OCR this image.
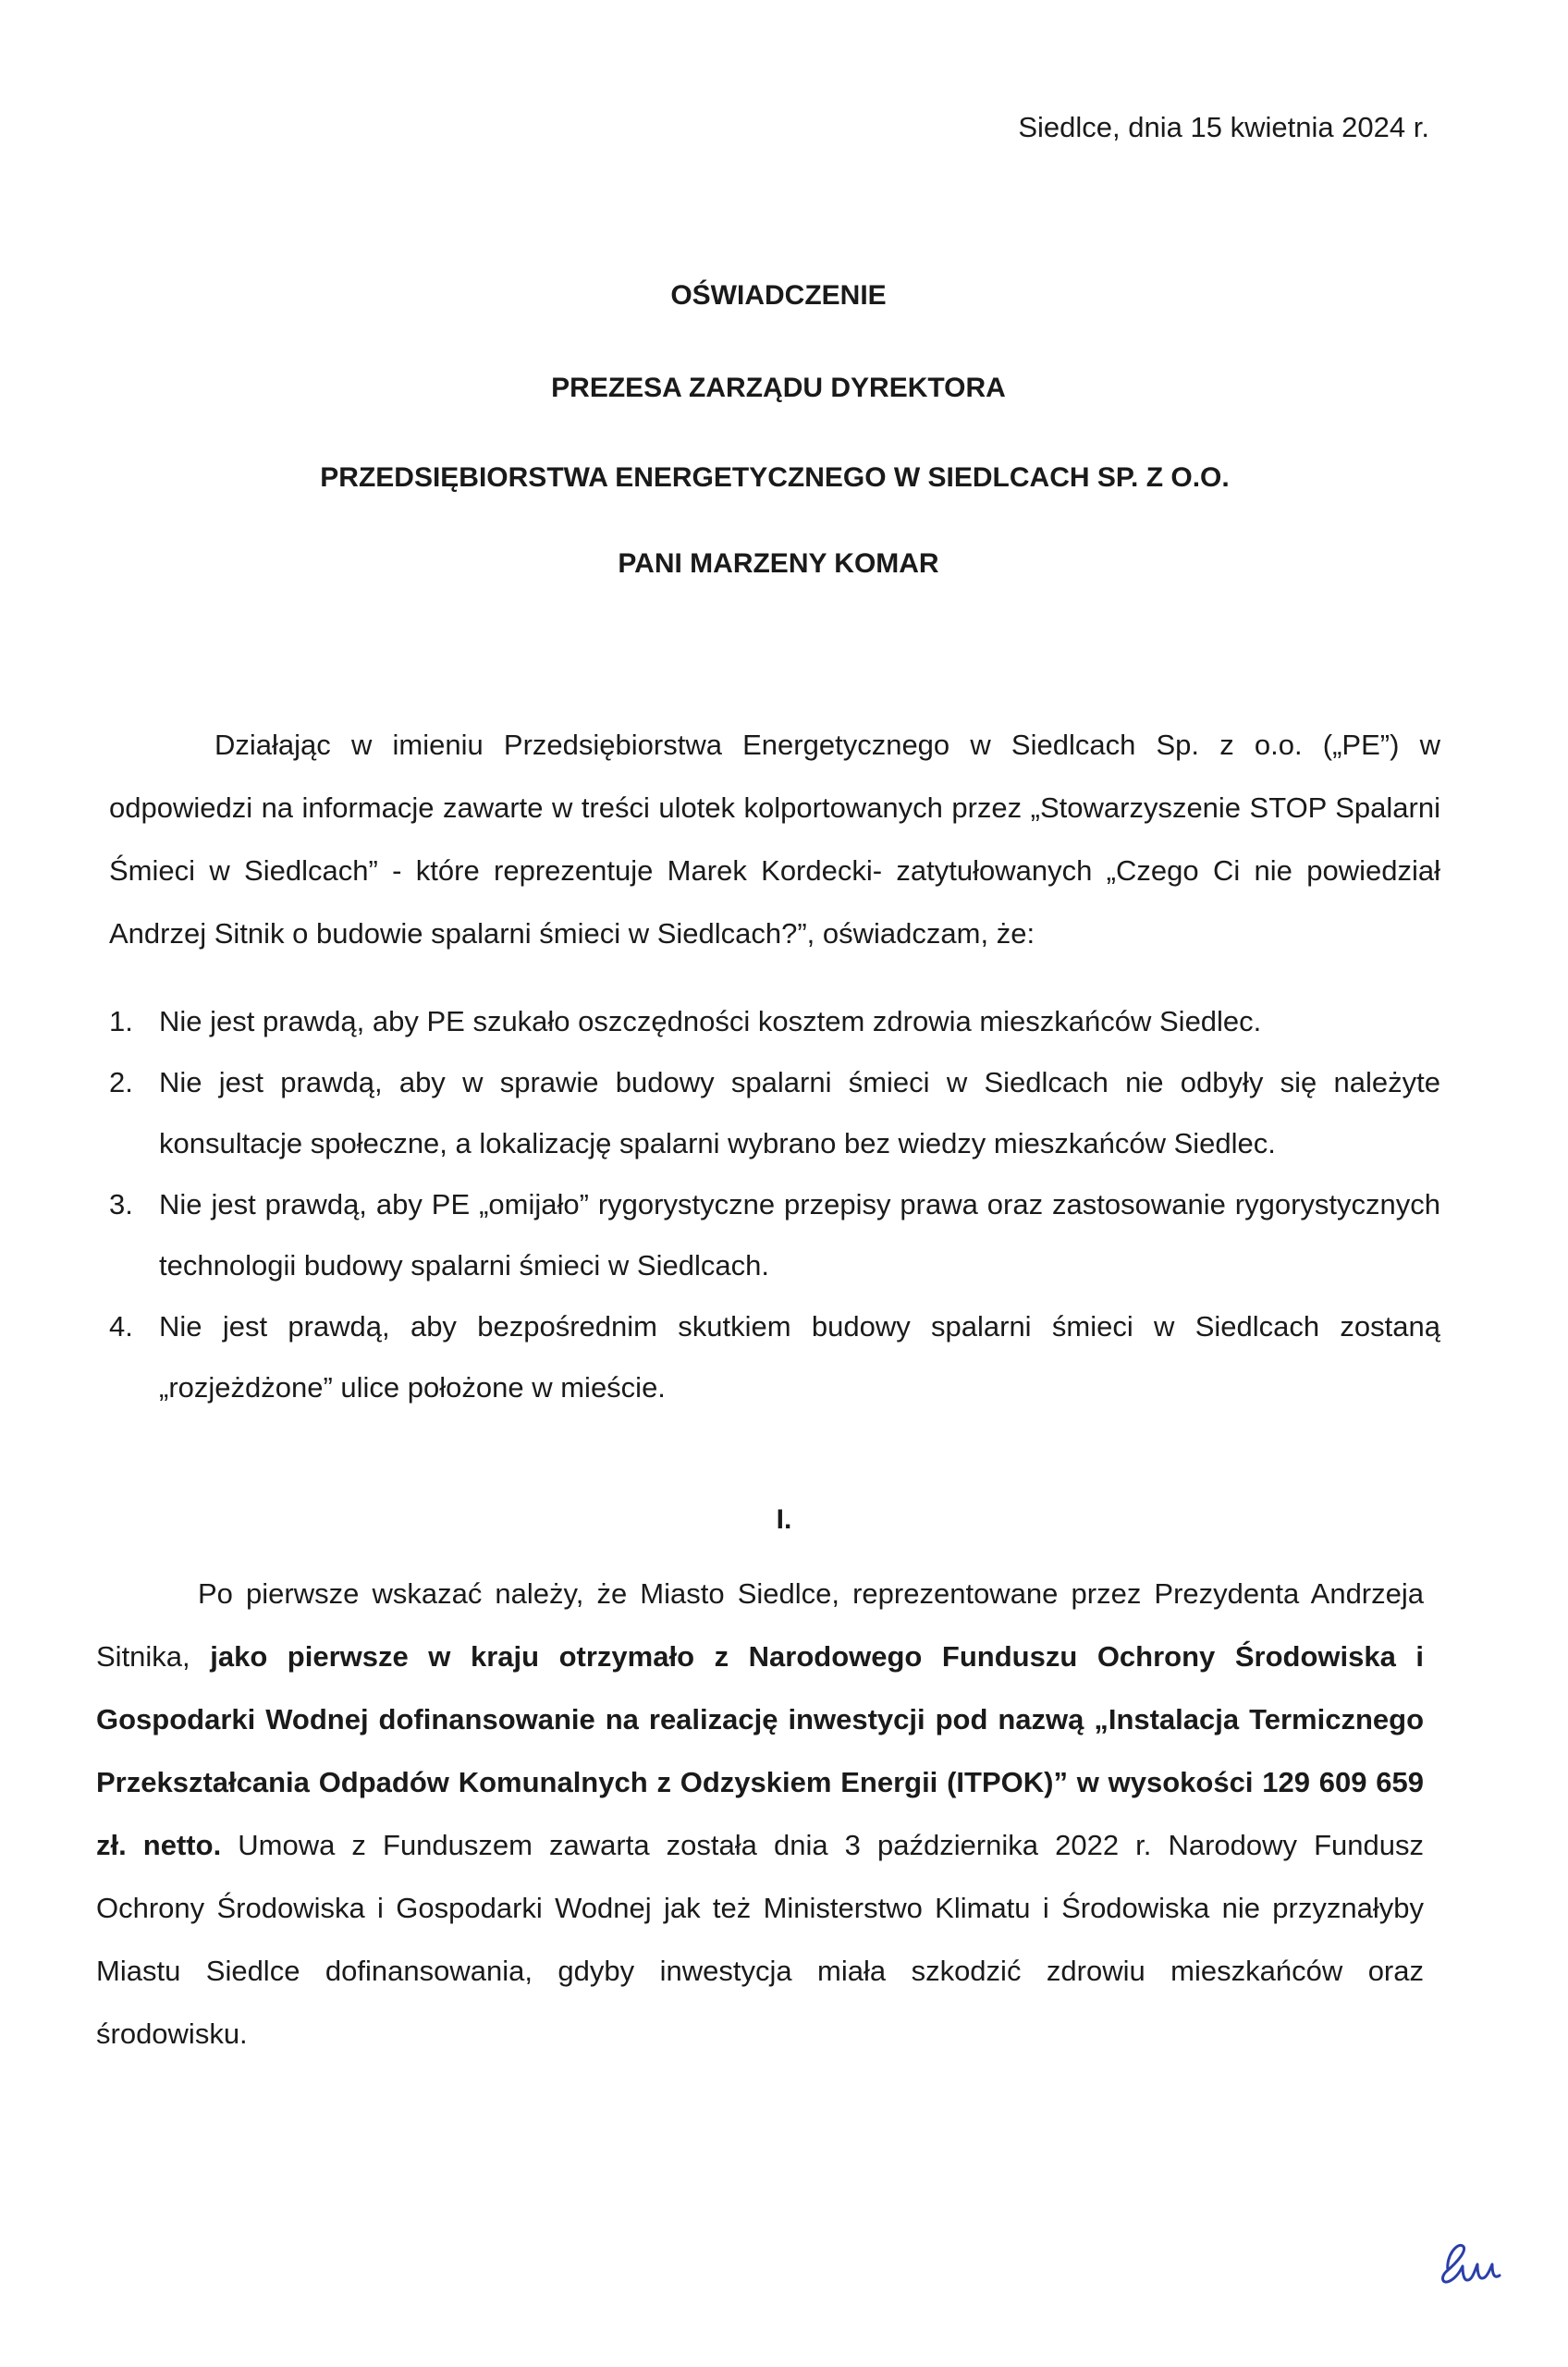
Siedlce, dnia 15 kwietnia 2024 r.
OŚWIADCZENIE
PREZESA ZARZĄDU DYREKTORA
PRZEDSIĘBIORSTWA ENERGETYCZNEGO W SIEDLCACH SP. Z O.O.
PANI MARZENY KOMAR

Działając w imieniu Przedsiębiorstwa Energetycznego w Siedlcach Sp. z o.o. („PE”) w odpowiedzi na informacje zawarte w treści ulotek kolportowanych przez „Stowarzyszenie STOP Spalarni Śmieci w Siedlcach” - które reprezentuje Marek Kordecki- zatytułowanych „Czego Ci nie powiedział Andrzej Sitnik o budowie spalarni śmieci w Siedlcach?”, oświadczam, że:

1. Nie jest prawdą, aby PE szukało oszczędności kosztem zdrowia mieszkańców Siedlec.
2. Nie jest prawdą, aby w sprawie budowy spalarni śmieci w Siedlcach nie odbyły się należyte konsultacje społeczne, a lokalizację spalarni wybrano bez wiedzy mieszkańców Siedlec.
3. Nie jest prawdą, aby PE „omijało” rygorystyczne przepisy prawa oraz zastosowanie rygorystycznych technologii budowy spalarni śmieci w Siedlcach.
4. Nie jest prawdą, aby bezpośrednim skutkiem budowy spalarni śmieci w Siedlcach zostaną „rozjeżdżone” ulice położone w mieście.
I.

Po pierwsze wskazać należy, że Miasto Siedlce, reprezentowane przez Prezydenta Andrzeja Sitnika, jako pierwsze w kraju otrzymało z Narodowego Funduszu Ochrony Środowiska i Gospodarki Wodnej dofinansowanie na realizację inwestycji pod nazwą „Instalacja Termicznego Przekształcania Odpadów Komunalnych z Odzyskiem Energii (ITPOK)” w wysokości 129 609 659 zł. netto. Umowa z Funduszem zawarta została dnia 3 października 2022 r. Narodowy Fundusz Ochrony Środowiska i Gospodarki Wodnej jak też Ministerstwo Klimatu i Środowiska nie przyznałyby Miastu Siedlce dofinansowania, gdyby inwestycja miała szkodzić zdrowiu mieszkańców oraz środowisku.
